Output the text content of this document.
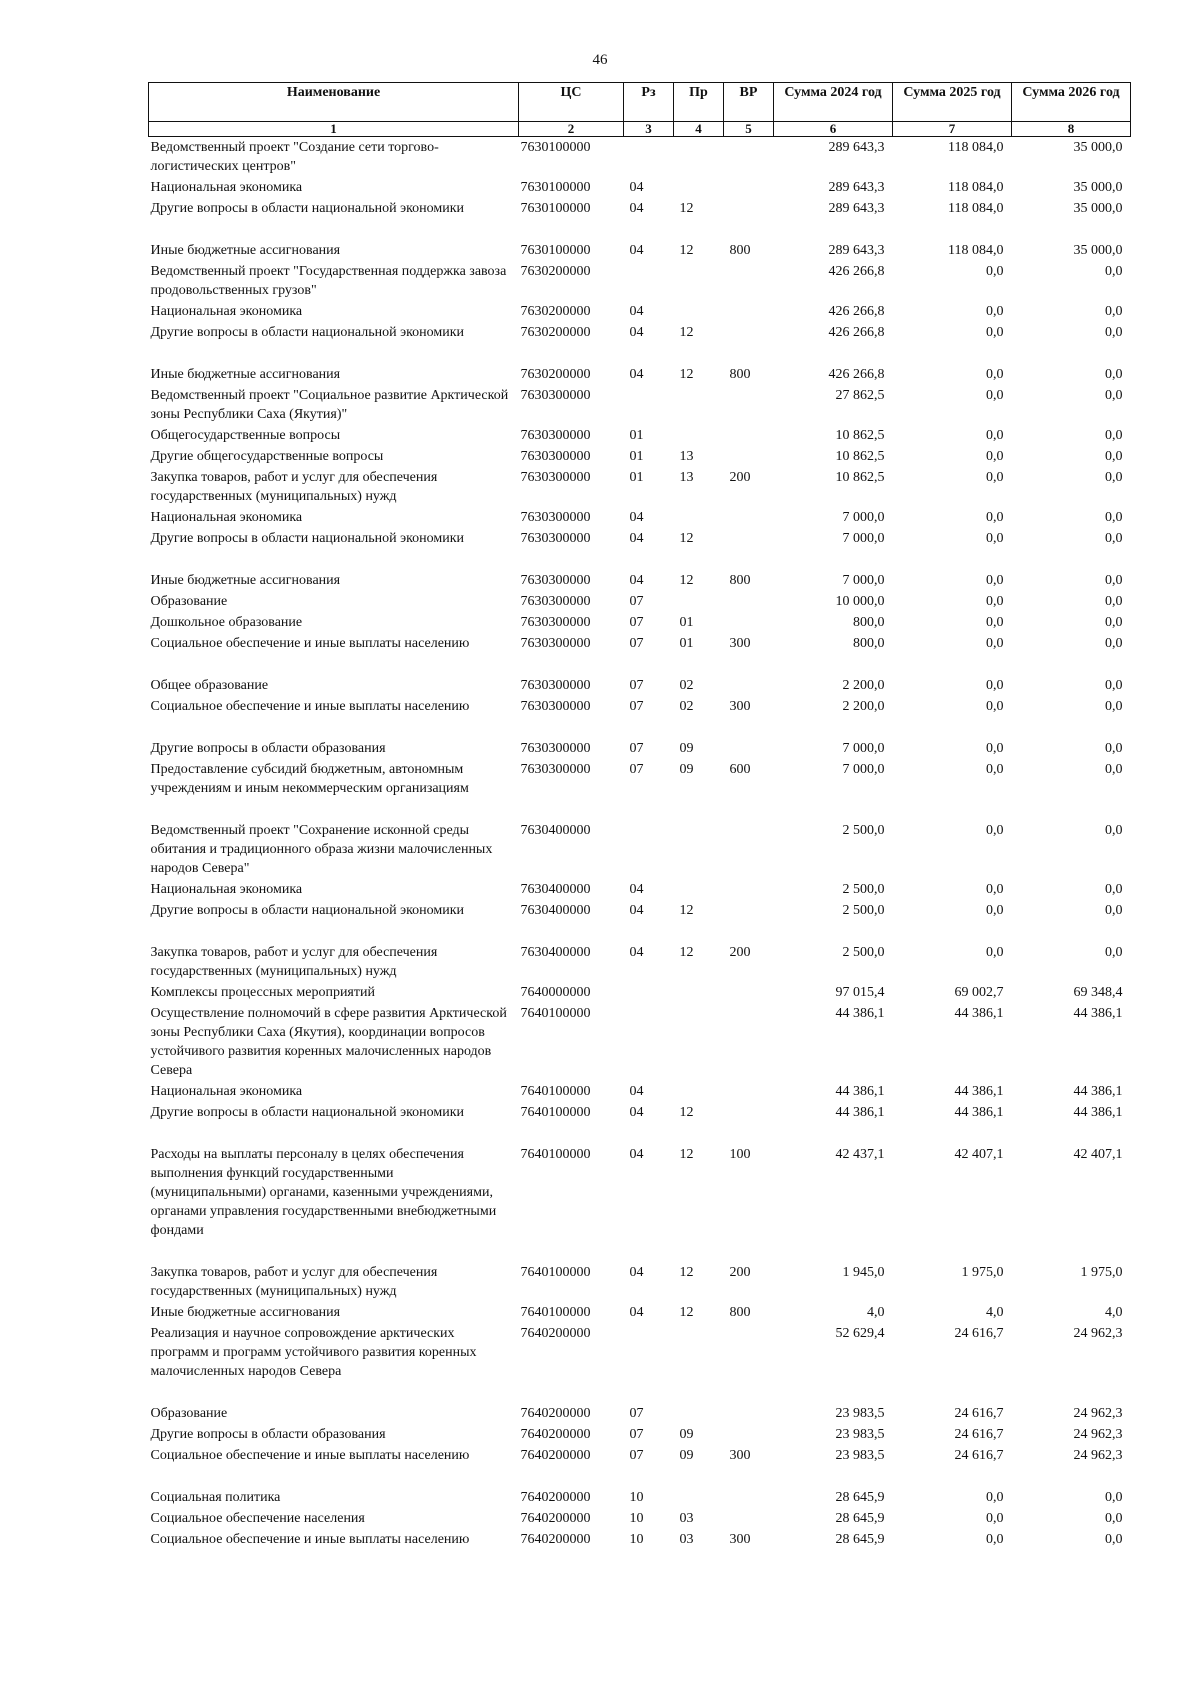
46
Наименование	ЦС	Рз	Пр	ВР	Сумма 2024 год	Сумма 2025 год	Сумма 2026 год
1	2	3	4	5	6	7	8
Ведомственный проект "Создание сети торгово-логистических центров"	7630100000				289 643,3	118 084,0	35 000,0
Национальная экономика	7630100000	04			289 643,3	118 084,0	35 000,0
Другие вопросы в области национальной экономики	7630100000	04	12		289 643,3	118 084,0	35 000,0

Иные бюджетные ассигнования	7630100000	04	12	800	289 643,3	118 084,0	35 000,0
Ведомственный проект "Государственная поддержка завоза продовольственных грузов"	7630200000				426 266,8	0,0	0,0
Национальная экономика	7630200000	04			426 266,8	0,0	0,0
Другие вопросы в области национальной экономики	7630200000	04	12		426 266,8	0,0	0,0

Иные бюджетные ассигнования	7630200000	04	12	800	426 266,8	0,0	0,0
Ведомственный проект "Социальное развитие Арктической зоны Республики Саха (Якутия)"	7630300000				27 862,5	0,0	0,0
Общегосударственные вопросы	7630300000	01			10 862,5	0,0	0,0
Другие общегосударственные вопросы	7630300000	01	13		10 862,5	0,0	0,0
Закупка товаров, работ и услуг для обеспечения государственных (муниципальных) нужд	7630300000	01	13	200	10 862,5	0,0	0,0
Национальная экономика	7630300000	04			7 000,0	0,0	0,0
Другие вопросы в области национальной экономики	7630300000	04	12		7 000,0	0,0	0,0

Иные бюджетные ассигнования	7630300000	04	12	800	7 000,0	0,0	0,0
Образование	7630300000	07			10 000,0	0,0	0,0
Дошкольное образование	7630300000	07	01		800,0	0,0	0,0
Социальное обеспечение и иные выплаты населению	7630300000	07	01	300	800,0	0,0	0,0

Общее образование	7630300000	07	02		2 200,0	0,0	0,0
Социальное обеспечение и иные выплаты населению	7630300000	07	02	300	2 200,0	0,0	0,0

Другие вопросы в области образования	7630300000	07	09		7 000,0	0,0	0,0
Предоставление субсидий бюджетным, автономным учреждениям и иным некоммерческим организациям	7630300000	07	09	600	7 000,0	0,0	0,0

Ведомственный проект "Сохранение исконной среды обитания и традиционного образа жизни малочисленных народов Севера"	7630400000				2 500,0	0,0	0,0
Национальная экономика	7630400000	04			2 500,0	0,0	0,0
Другие вопросы в области национальной экономики	7630400000	04	12		2 500,0	0,0	0,0

Закупка товаров, работ и услуг для обеспечения государственных (муниципальных) нужд	7630400000	04	12	200	2 500,0	0,0	0,0
Комплексы процессных мероприятий	7640000000				97 015,4	69 002,7	69 348,4
Осуществление полномочий в сфере развития Арктической зоны Республики Саха (Якутия), координации вопросов устойчивого развития коренных малочисленных народов Севера	7640100000				44 386,1	44 386,1	44 386,1
Национальная экономика	7640100000	04			44 386,1	44 386,1	44 386,1
Другие вопросы в области национальной экономики	7640100000	04	12		44 386,1	44 386,1	44 386,1

Расходы на выплаты персоналу в целях обеспечения выполнения функций государственными (муниципальными) органами, казенными учреждениями, органами управления государственными внебюджетными фондами	7640100000	04	12	100	42 437,1	42 407,1	42 407,1

Закупка товаров, работ и услуг для обеспечения государственных (муниципальных) нужд	7640100000	04	12	200	1 945,0	1 975,0	1 975,0
Иные бюджетные ассигнования	7640100000	04	12	800	4,0	4,0	4,0
Реализация и научное сопровождение арктических программ и программ устойчивого развития коренных малочисленных народов Севера	7640200000				52 629,4	24 616,7	24 962,3

Образование	7640200000	07			23 983,5	24 616,7	24 962,3
Другие вопросы в области образования	7640200000	07	09		23 983,5	24 616,7	24 962,3
Социальное обеспечение и иные выплаты населению	7640200000	07	09	300	23 983,5	24 616,7	24 962,3

Социальная политика	7640200000	10			28 645,9	0,0	0,0
Социальное обеспечение населения	7640200000	10	03		28 645,9	0,0	0,0
Социальное обеспечение и иные выплаты населению	7640200000	10	03	300	28 645,9	0,0	0,0
